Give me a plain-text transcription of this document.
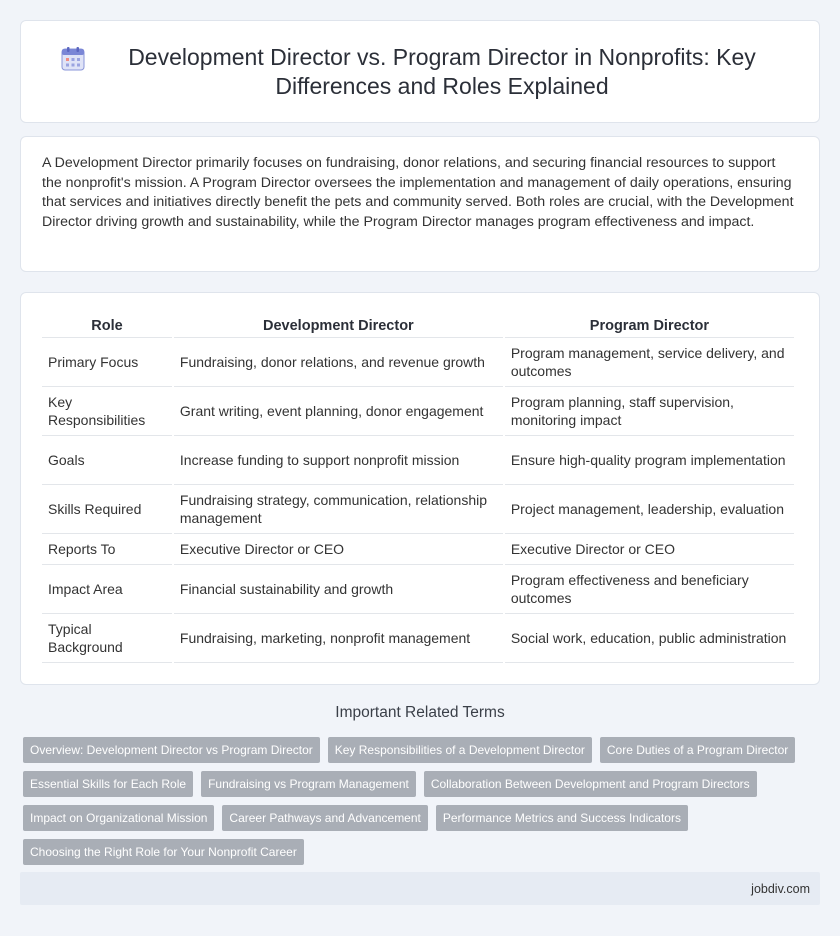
Development Director vs. Program Director in Nonprofits: Key Differences and Roles Explained

A Development Director primarily focuses on fundraising, donor relations, and securing financial resources to support the nonprofit's mission. A Program Director oversees the implementation and management of daily operations, ensuring that services and initiatives directly benefit the pets and community served. Both roles are crucial, with the Development Director driving growth and sustainability, while the Program Director manages program effectiveness and impact.

Role	Development Director	Program Director
Primary Focus	Fundraising, donor relations, and revenue growth	Program management, service delivery, and outcomes
Key Responsibilities	Grant writing, event planning, donor engagement	Program planning, staff supervision, monitoring impact
Goals	Increase funding to support nonprofit mission	Ensure high-quality program implementation
Skills Required	Fundraising strategy, communication, relationship management	Project management, leadership, evaluation
Reports To	Executive Director or CEO	Executive Director or CEO
Impact Area	Financial sustainability and growth	Program effectiveness and beneficiary outcomes
Typical Background	Fundraising, marketing, nonprofit management	Social work, education, public administration
Important Related Terms
Overview: Development Director vs Program Director	Key Responsibilities of a Development Director	Core Duties of a Program Director
Essential Skills for Each Role	Fundraising vs Program Management	Collaboration Between Development and Program Directors
Impact on Organizational Mission	Career Pathways and Advancement	Performance Metrics and Success Indicators
Choosing the Right Role for Your Nonprofit Career
jobdiv.com
